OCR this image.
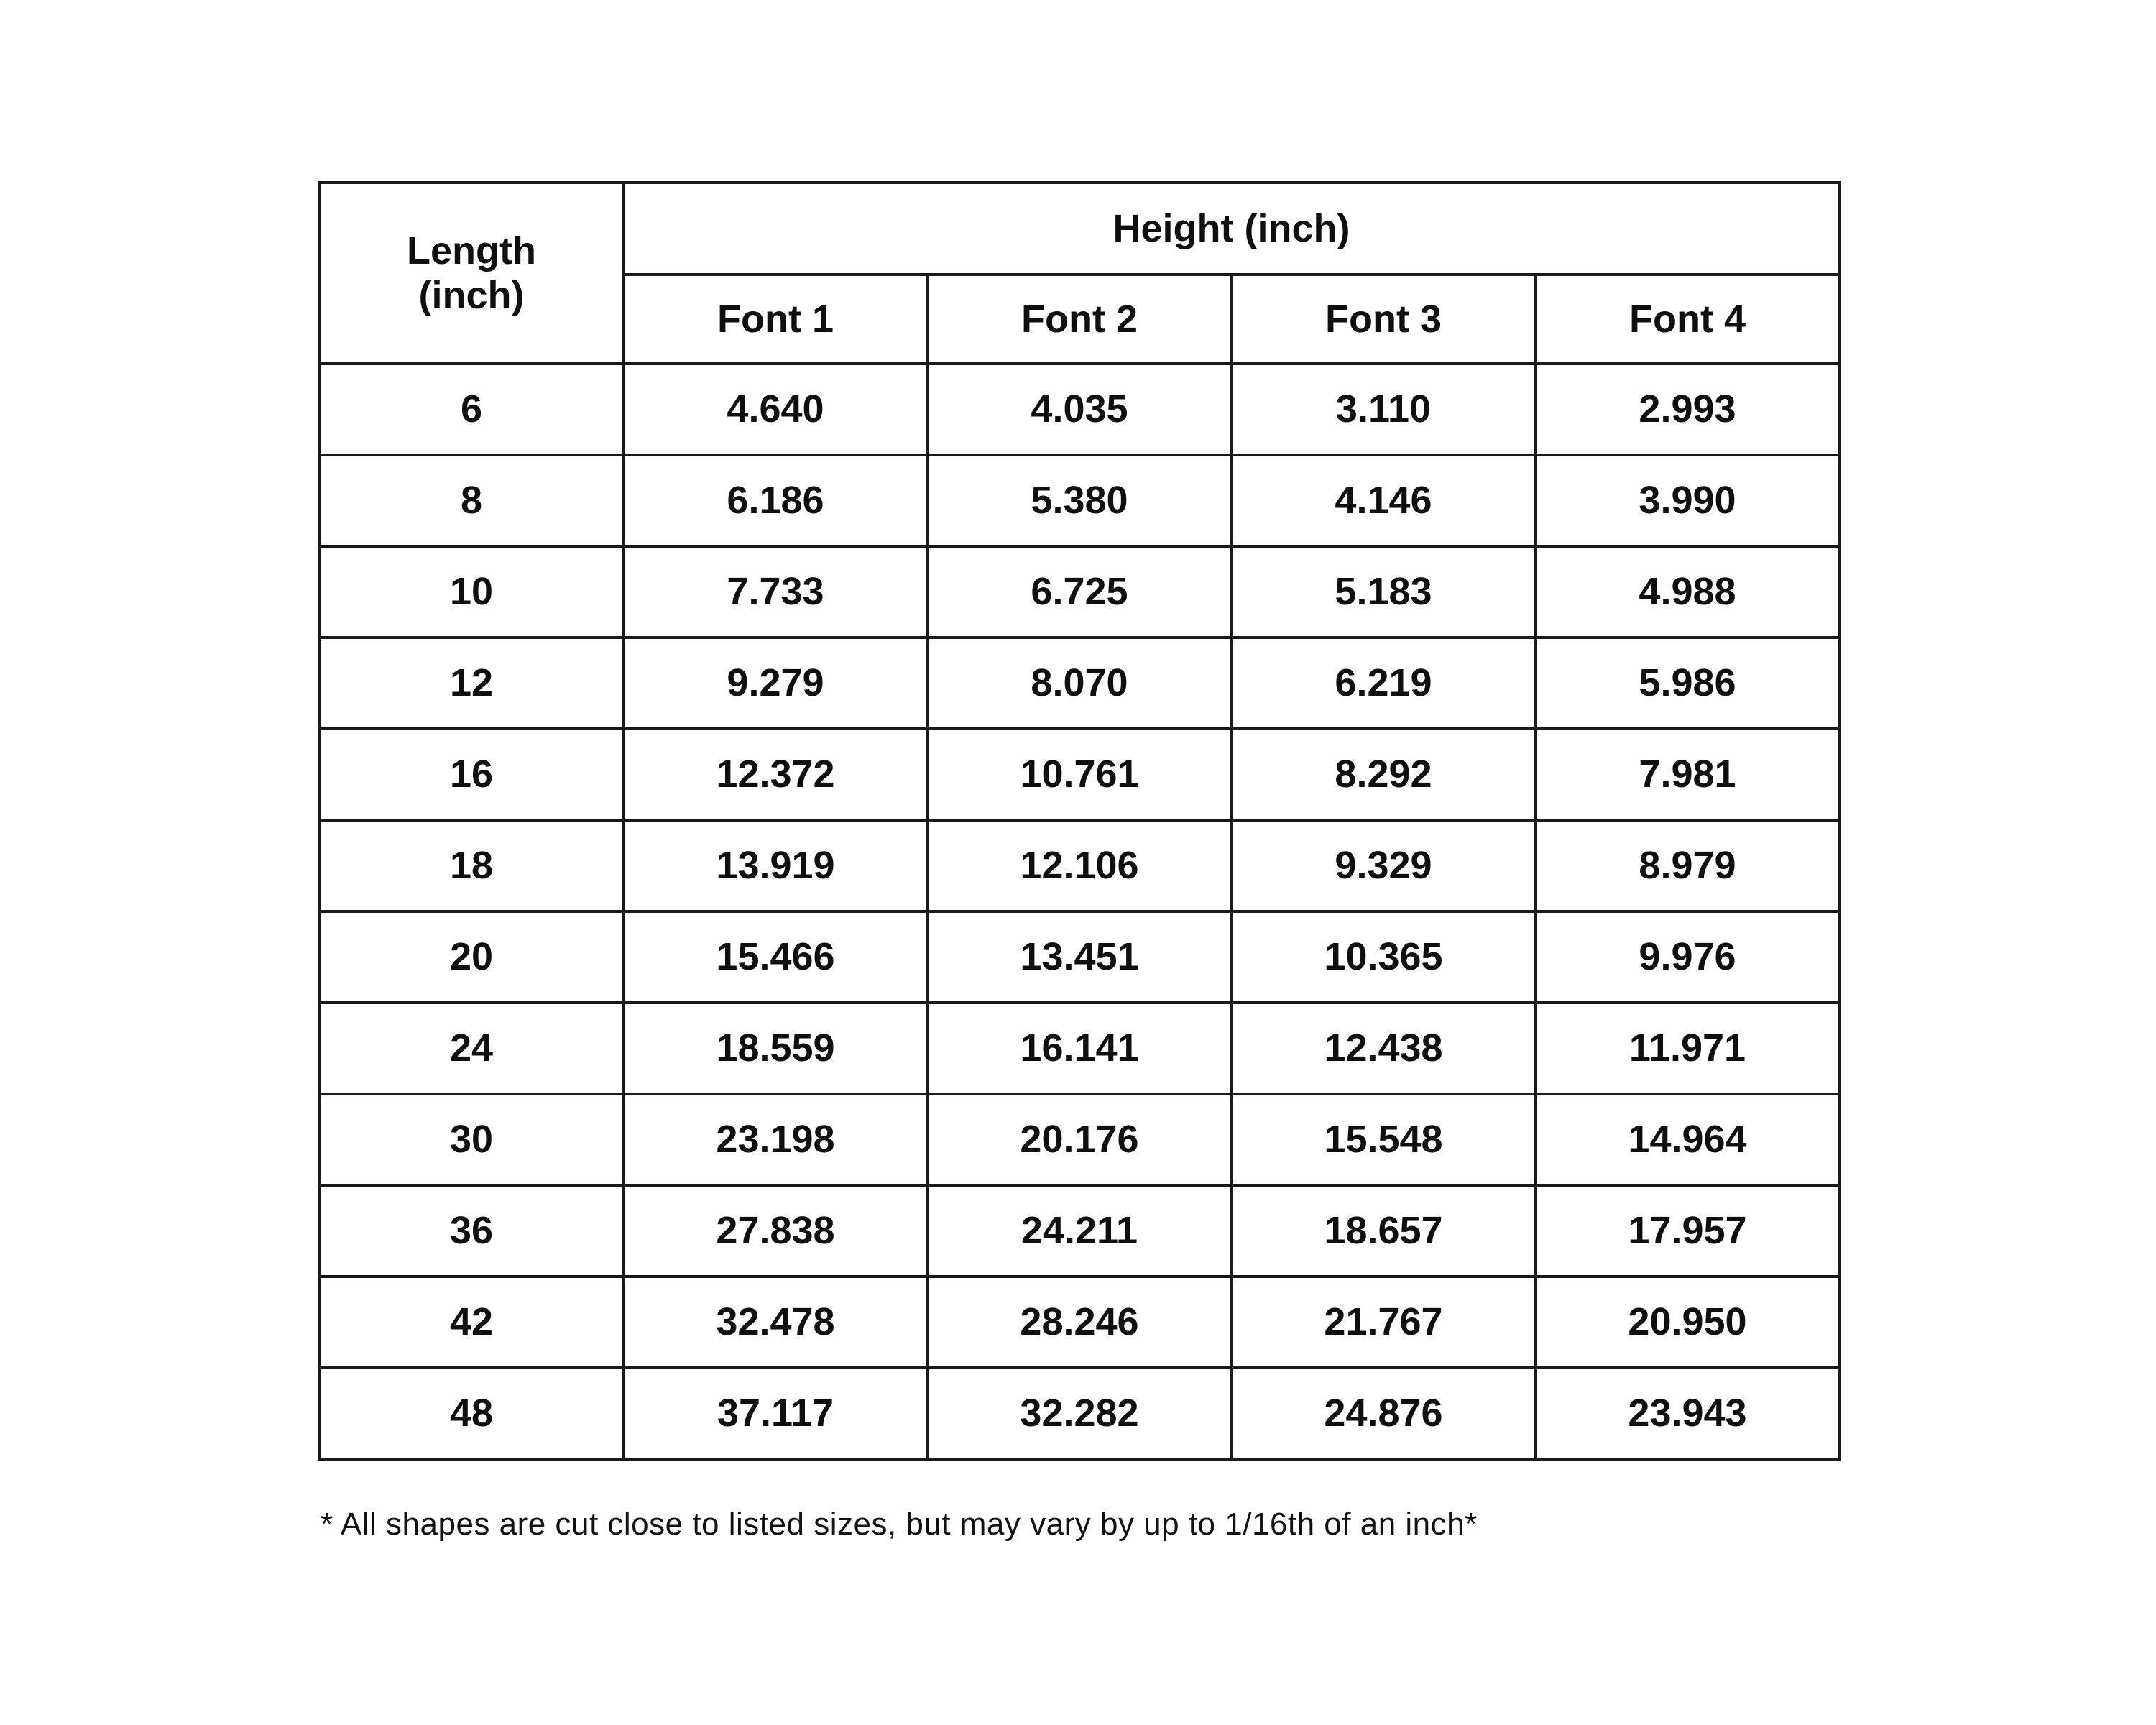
Length
(inch)	Height (inch)			
	Font 1	Font 2	Font 3	Font 4
6	4.640	4.035	3.110	2.993
8	6.186	5.380	4.146	3.990
10	7.733	6.725	5.183	4.988
12	9.279	8.070	6.219	5.986
16	12.372	10.761	8.292	7.981
18	13.919	12.106	9.329	8.979
20	15.466	13.451	10.365	9.976
24	18.559	16.141	12.438	11.971
30	23.198	20.176	15.548	14.964
36	27.838	24.211	18.657	17.957
42	32.478	28.246	21.767	20.950
48	37.117	32.282	24.876	23.943
* All shapes are cut close to listed sizes, but may vary by up to 1/16th of an inch*
